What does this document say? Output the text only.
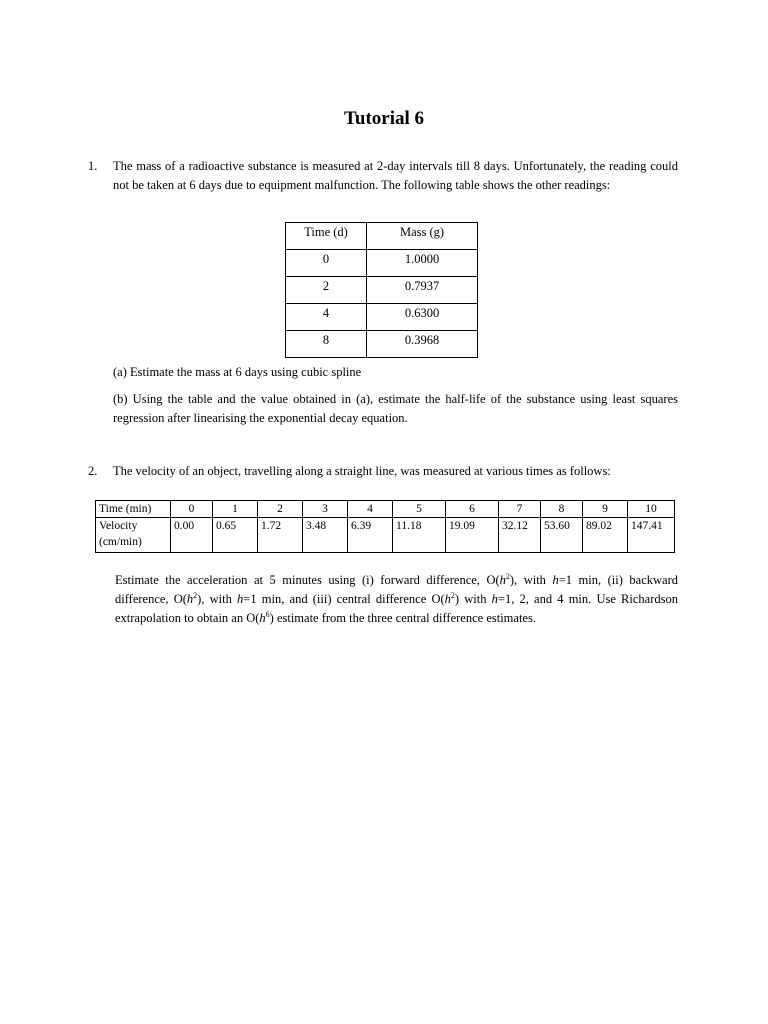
Tutorial 6
1. The mass of a radioactive substance is measured at 2-day intervals till 8 days. Unfortunately, the reading could not be taken at 6 days due to equipment malfunction. The following table shows the other readings:
Time (d)	Mass (g)
0	1.0000
2	0.7937
4	0.6300
8	0.3968
(a) Estimate the mass at 6 days using cubic spline
(b) Using the table and the value obtained in (a), estimate the half-life of the substance using least squares regression after linearising the exponential decay equation.
2. The velocity of an object, travelling along a straight line, was measured at various times as follows:
Time (min)	0	1	2	3	4	5	6	7	8	9	10
Velocity
(cm/min)	0.00	0.65	1.72	3.48	6.39	11.18	19.09	32.12	53.60	89.02	147.41
Estimate the acceleration at 5 minutes using (i) forward difference, $O(h^2)$, with h=1 min, (ii) backward difference, $O(h^2)$, with h=1 min, and (iii) central difference $O(h^2)$ with h=1, 2, and 4 min. Use Richardson extrapolation to obtain an $O(h^6)$ estimate from the three central difference estimates.
